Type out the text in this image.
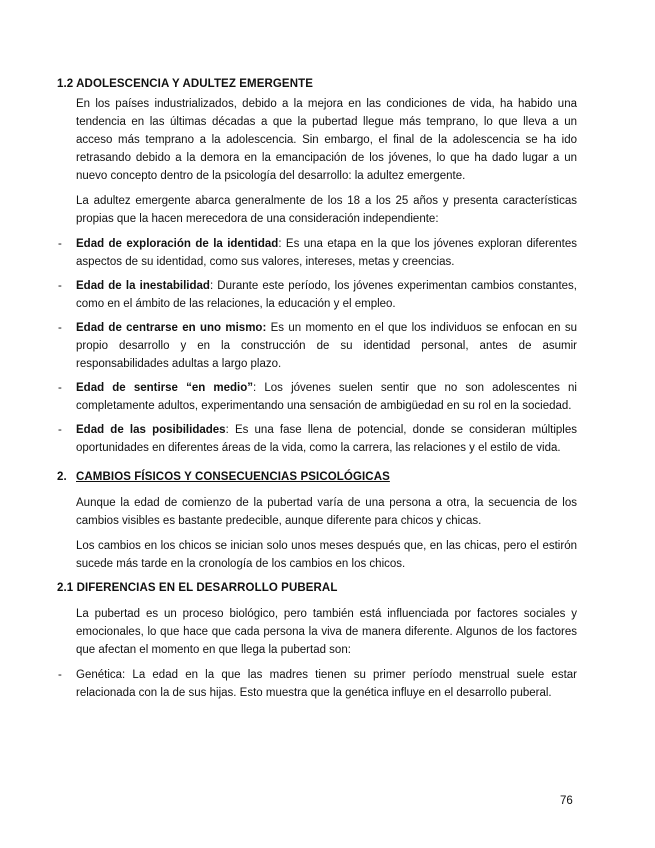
1.2 ADOLESCENCIA Y ADULTEZ EMERGENTE

En los países industrializados, debido a la mejora en las condiciones de vida, ha habido una tendencia en las últimas décadas a que la pubertad llegue más temprano, lo que lleva a un acceso más temprano a la adolescencia. Sin embargo, el final de la adolescencia se ha ido retrasando debido a la demora en la emancipación de los jóvenes, lo que ha dado lugar a un nuevo concepto dentro de la psicología del desarrollo: la adultez emergente.

La adultez emergente abarca generalmente de los 18 a los 25 años y presenta características propias que la hacen merecedora de una consideración independiente:

- Edad de exploración de la identidad: Es una etapa en la que los jóvenes exploran diferentes aspectos de su identidad, como sus valores, intereses, metas y creencias.
- Edad de la inestabilidad: Durante este período, los jóvenes experimentan cambios constantes, como en el ámbito de las relaciones, la educación y el empleo.
- Edad de centrarse en uno mismo: Es un momento en el que los individuos se enfocan en su propio desarrollo y en la construcción de su identidad personal, antes de asumir responsabilidades adultas a largo plazo.
- Edad de sentirse “en medio”: Los jóvenes suelen sentir que no son adolescentes ni completamente adultos, experimentando una sensación de ambigüedad en su rol en la sociedad.
- Edad de las posibilidades: Es una fase llena de potencial, donde se consideran múltiples oportunidades en diferentes áreas de la vida, como la carrera, las relaciones y el estilo de vida.
2. CAMBIOS FÍSICOS Y CONSECUENCIAS PSICOLÓGICAS

Aunque la edad de comienzo de la pubertad varía de una persona a otra, la secuencia de los cambios visibles es bastante predecible, aunque diferente para chicos y chicas.

Los cambios en los chicos se inician solo unos meses después que, en las chicas, pero el estirón sucede más tarde en la cronología de los cambios en los chicos.

2.1 DIFERENCIAS EN EL DESARROLLO PUBERAL

La pubertad es un proceso biológico, pero también está influenciada por factores sociales y emocionales, lo que hace que cada persona la viva de manera diferente. Algunos de los factores que afectan el momento en que llega la pubertad son:

- Genética: La edad en la que las madres tienen su primer período menstrual suele estar relacionada con la de sus hijas. Esto muestra que la genética influye en el desarrollo puberal.
76
